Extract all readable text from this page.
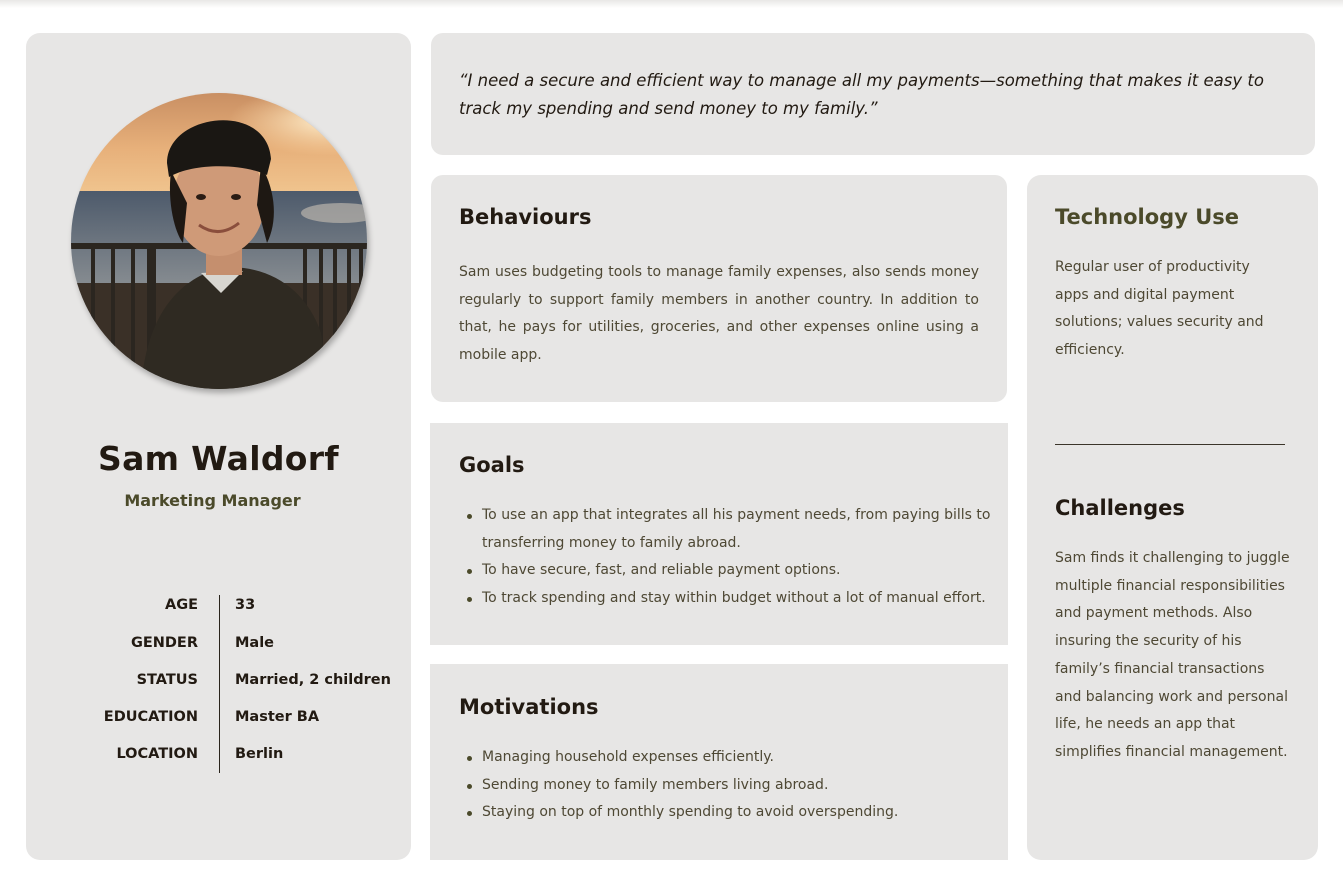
Sam Waldorf
Marketing Manager
AGE	33
GENDER	Male
STATUS	Married, 2 children
EDUCATION	Master BA
LOCATION	Berlin

“I need a secure and efficient way to manage all my payments—something that makes it easy to track my spending and send money to my family.”

Behaviours
Sam uses budgeting tools to manage family expenses, also sends money regularly to support family members in another country. In addition to that, he pays for utilities, groceries, and other expenses online using a mobile app.
Goals
To use an app that integrates all his payment needs, from paying bills to transferring money to family abroad.
To have secure, fast, and reliable payment options.
To track spending and stay within budget without a lot of manual effort.
Motivations
Managing household expenses efficiently.
Sending money to family members living abroad.
Staying on top of monthly spending to avoid overspending.
Technology Use
Regular user of productivity apps and digital payment solutions; values security and efficiency.
Challenges
Sam finds it challenging to juggle multiple financial responsibilities and payment methods. Also insuring the security of his family’s financial transactions and balancing work and personal life, he needs an app that simplifies financial management.
